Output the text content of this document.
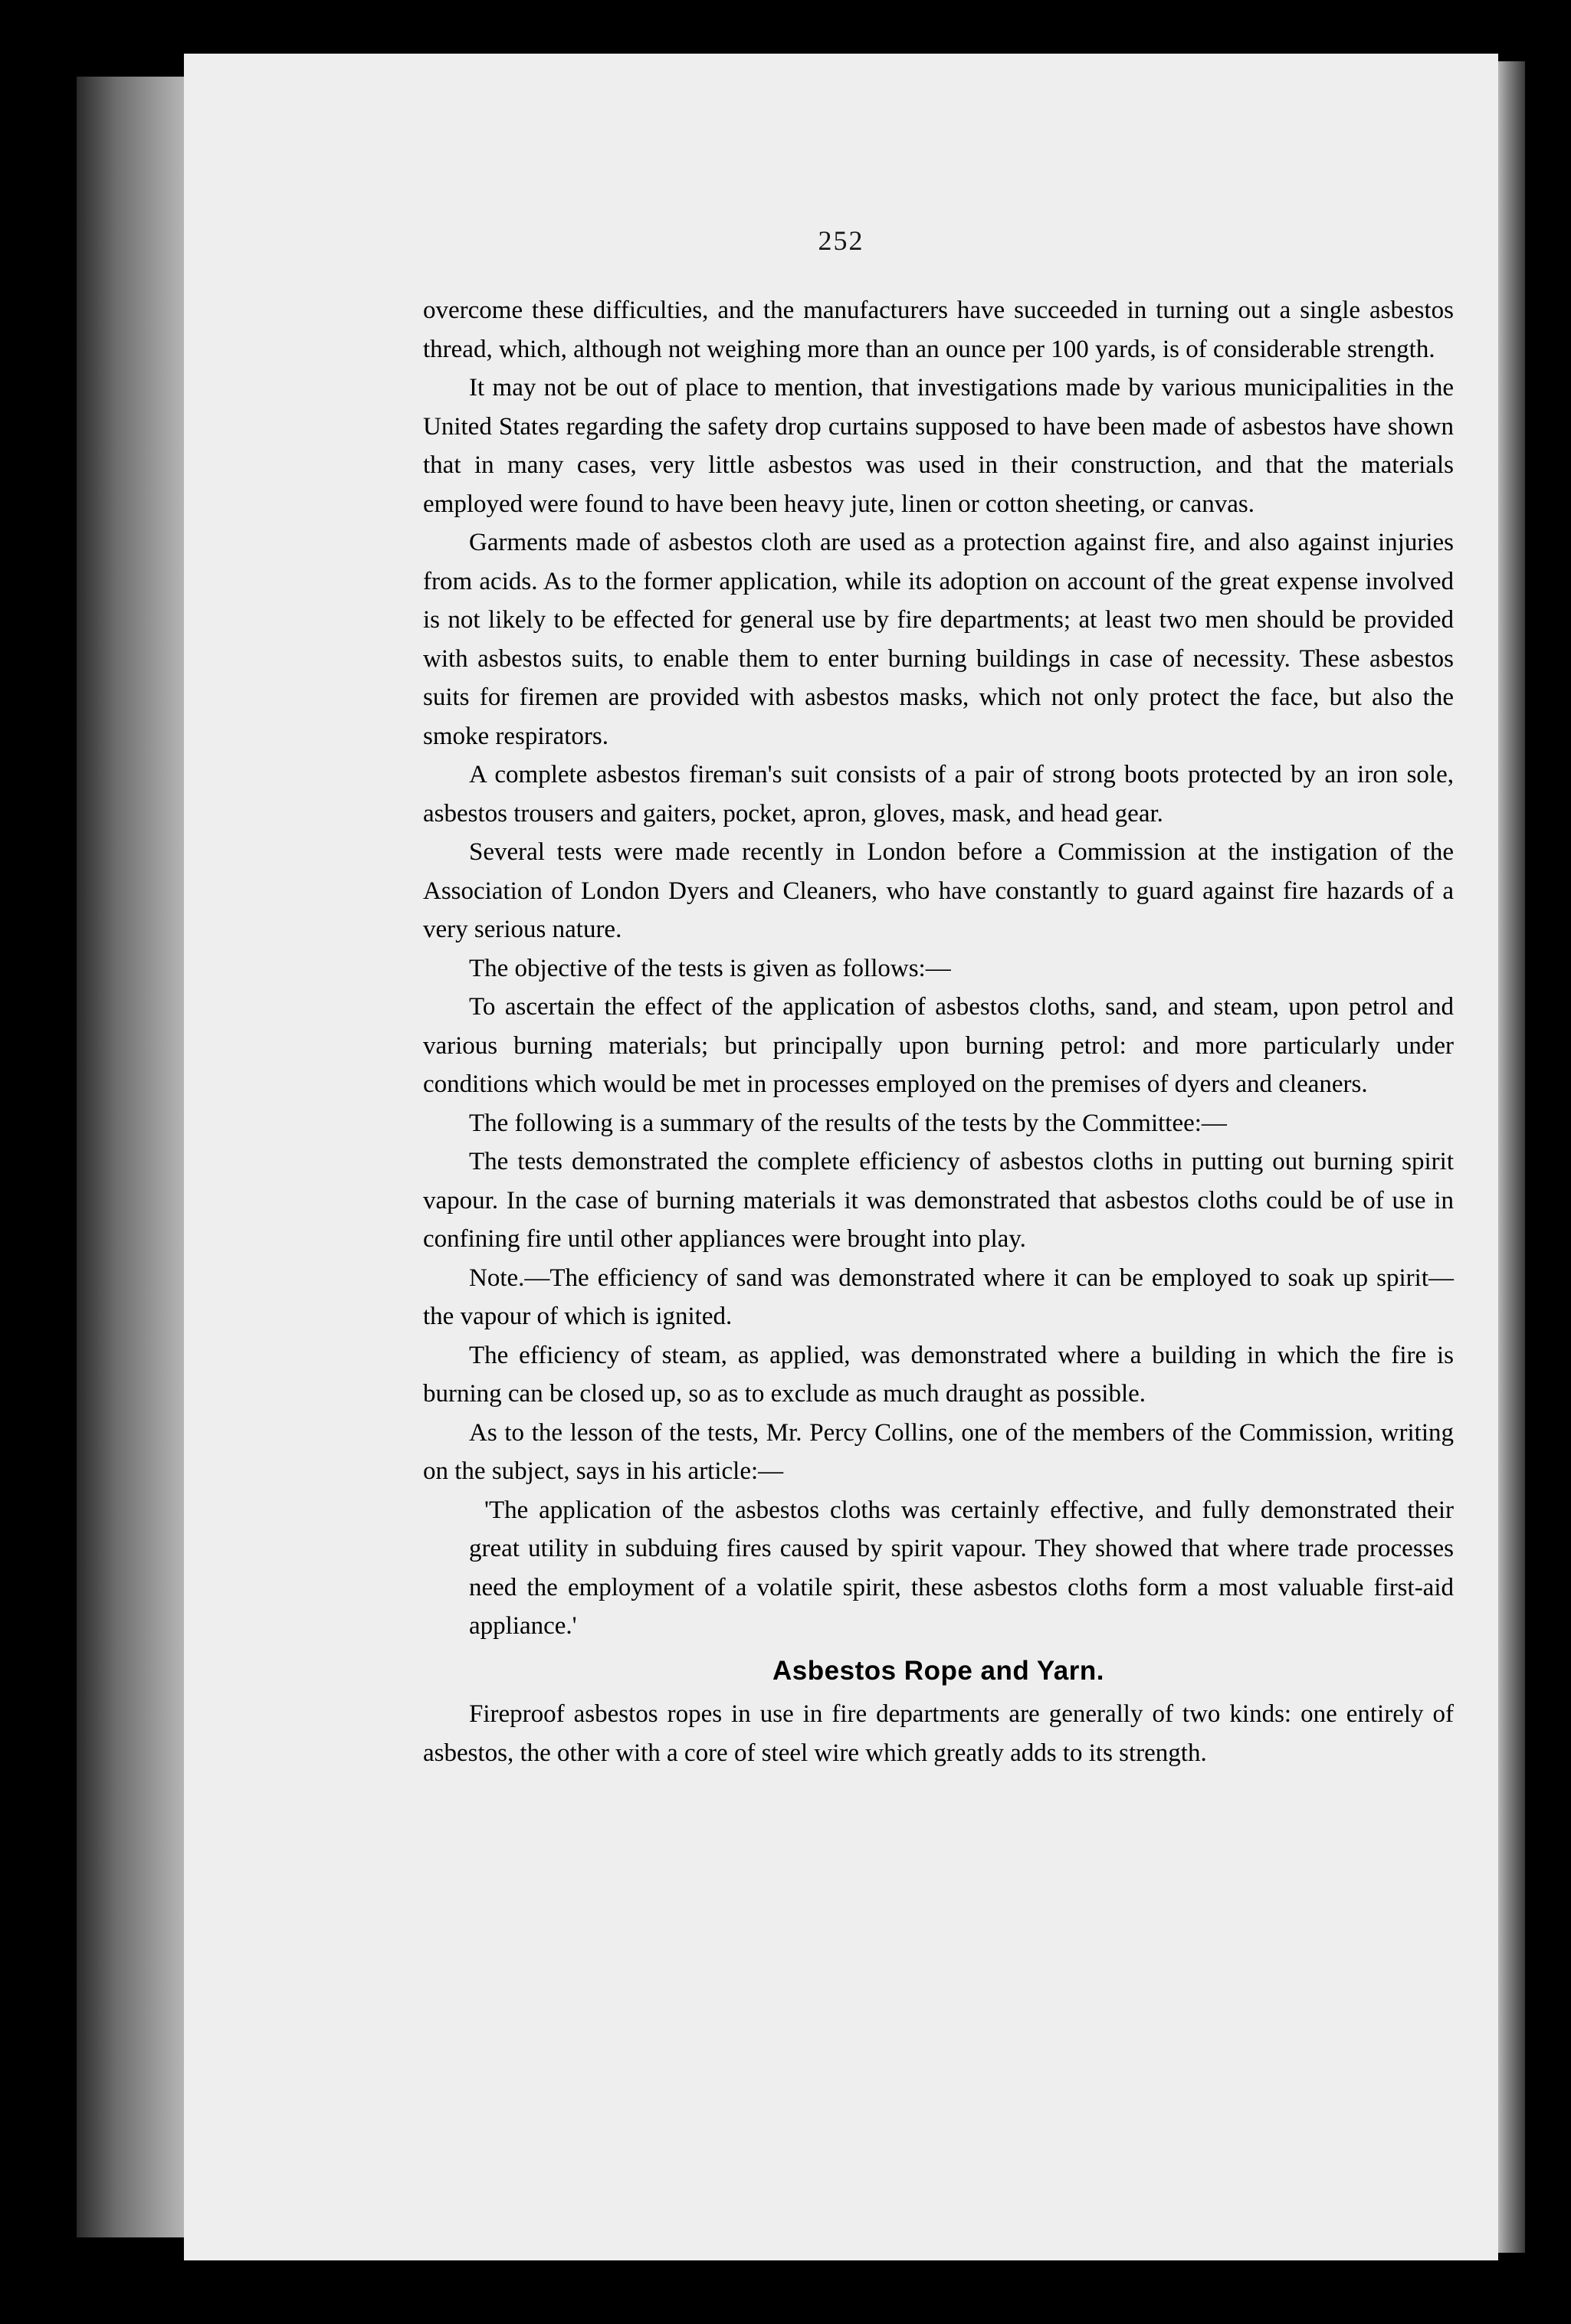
252

overcome these difficulties, and the manufacturers have succeeded in turning out a single asbestos thread, which, although not weighing more than an ounce per 100 yards, is of considerable strength.

It may not be out of place to mention, that investigations made by various municipalities in the United States regarding the safety drop curtains supposed to have been made of asbestos have shown that in many cases, very little asbestos was used in their construction, and that the materials employed were found to have been heavy jute, linen or cotton sheeting, or canvas.

Garments made of asbestos cloth are used as a protection against fire, and also against injuries from acids. As to the former application, while its adoption on account of the great expense involved is not likely to be effected for general use by fire departments; at least two men should be provided with asbestos suits, to enable them to enter burning buildings in case of necessity. These asbestos suits for firemen are provided with asbestos masks, which not only protect the face, but also the smoke respirators.

A complete asbestos fireman's suit consists of a pair of strong boots protected by an iron sole, asbestos trousers and gaiters, pocket, apron, gloves, mask, and head gear.

Several tests were made recently in London before a Commission at the instigation of the Association of London Dyers and Cleaners, who have constantly to guard against fire hazards of a very serious nature.

The objective of the tests is given as follows:—

To ascertain the effect of the application of asbestos cloths, sand, and steam, upon petrol and various burning materials; but principally upon burning petrol: and more particularly under conditions which would be met in processes employed on the premises of dyers and cleaners.

The following is a summary of the results of the tests by the Committee:—

The tests demonstrated the complete efficiency of asbestos cloths in putting out burning spirit vapour. In the case of burning materials it was demonstrated that asbestos cloths could be of use in confining fire until other appliances were brought into play.

Note.—The efficiency of sand was demonstrated where it can be employed to soak up spirit—the vapour of which is ignited.

The efficiency of steam, as applied, was demonstrated where a building in which the fire is burning can be closed up, so as to exclude as much draught as possible.

As to the lesson of the tests, Mr. Percy Collins, one of the members of the Commission, writing on the subject, says in his article:—

'The application of the asbestos cloths was certainly effective, and fully demonstrated their great utility in subduing fires caused by spirit vapour. They showed that where trade processes need the employment of a volatile spirit, these asbestos cloths form a most valuable first-aid appliance.'

Asbestos Rope and Yarn.

Fireproof asbestos ropes in use in fire departments are generally of two kinds: one entirely of asbestos, the other with a core of steel wire which greatly adds to its strength.
